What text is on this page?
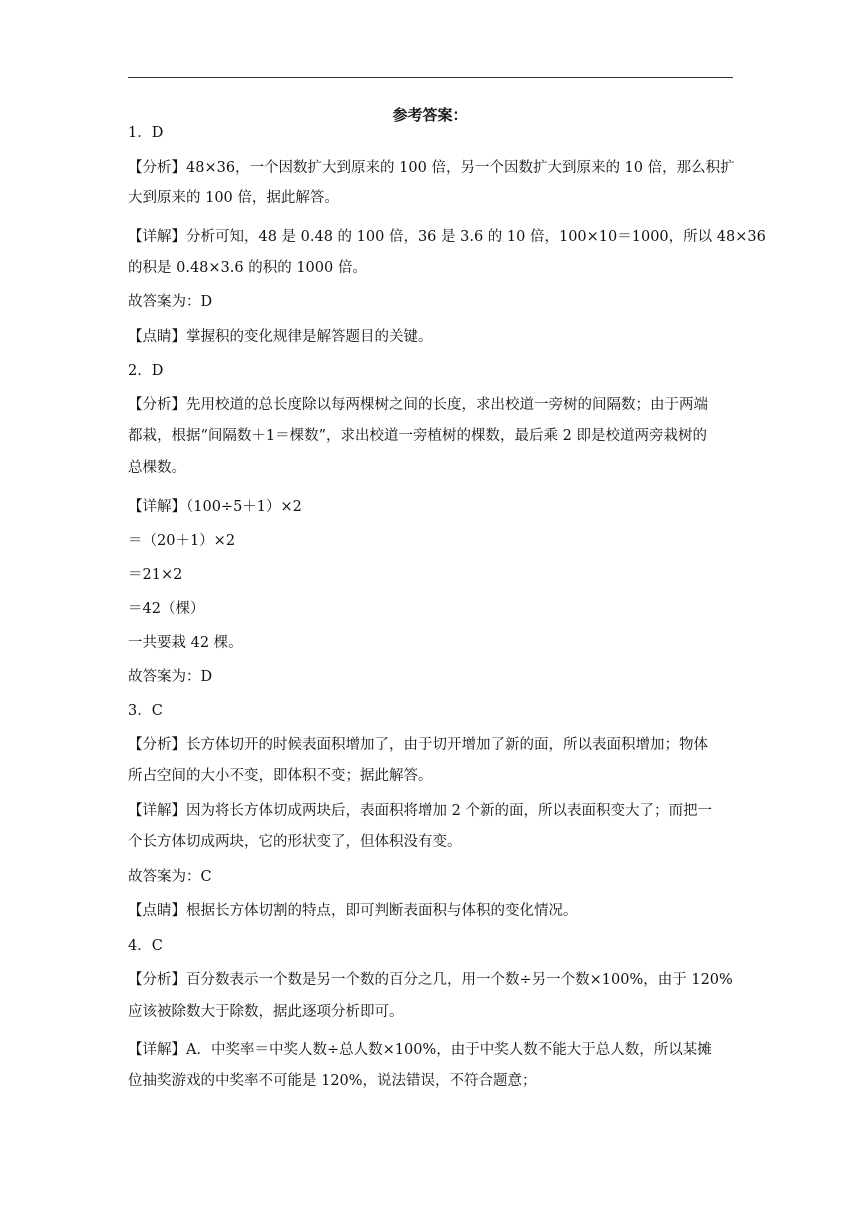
参考答案：
1．D
【分析】48×36，一个因数扩大到原来的 100 倍，另一个因数扩大到原来的 10 倍，那么积扩
大到原来的 100 倍，据此解答。
【详解】分析可知，48 是 0.48 的 100 倍，36 是 3.6 的 10 倍，100×10＝1000，所以 48×36
的积是 0.48×3.6 的积的 1000 倍。
故答案为：D
【点睛】掌握积的变化规律是解答题目的关键。
2．D
【分析】先用校道的总长度除以每两棵树之间的长度，求出校道一旁树的间隔数；由于两端
都栽，根据“间隔数＋1＝棵数”，求出校道一旁植树的棵数，最后乘 2 即是校道两旁栽树的
总棵数。
【详解】（100÷5＋1）×2
＝（20＋1）×2
＝21×2
＝42（棵）
一共要栽 42 棵。
故答案为：D
3．C
【分析】长方体切开的时候表面积增加了，由于切开增加了新的面，所以表面积增加；物体
所占空间的大小不变，即体积不变；据此解答。
【详解】因为将长方体切成两块后，表面积将增加 2 个新的面，所以表面积变大了；而把一
个长方体切成两块，它的形状变了，但体积没有变。
故答案为：C
【点睛】根据长方体切割的特点，即可判断表面积与体积的变化情况。
4．C
【分析】百分数表示一个数是另一个数的百分之几，用一个数÷另一个数×100%，由于 120%
应该被除数大于除数，据此逐项分析即可。
【详解】A．中奖率＝中奖人数÷总人数×100%，由于中奖人数不能大于总人数，所以某摊
位抽奖游戏的中奖率不可能是 120%，说法错误，不符合题意；
